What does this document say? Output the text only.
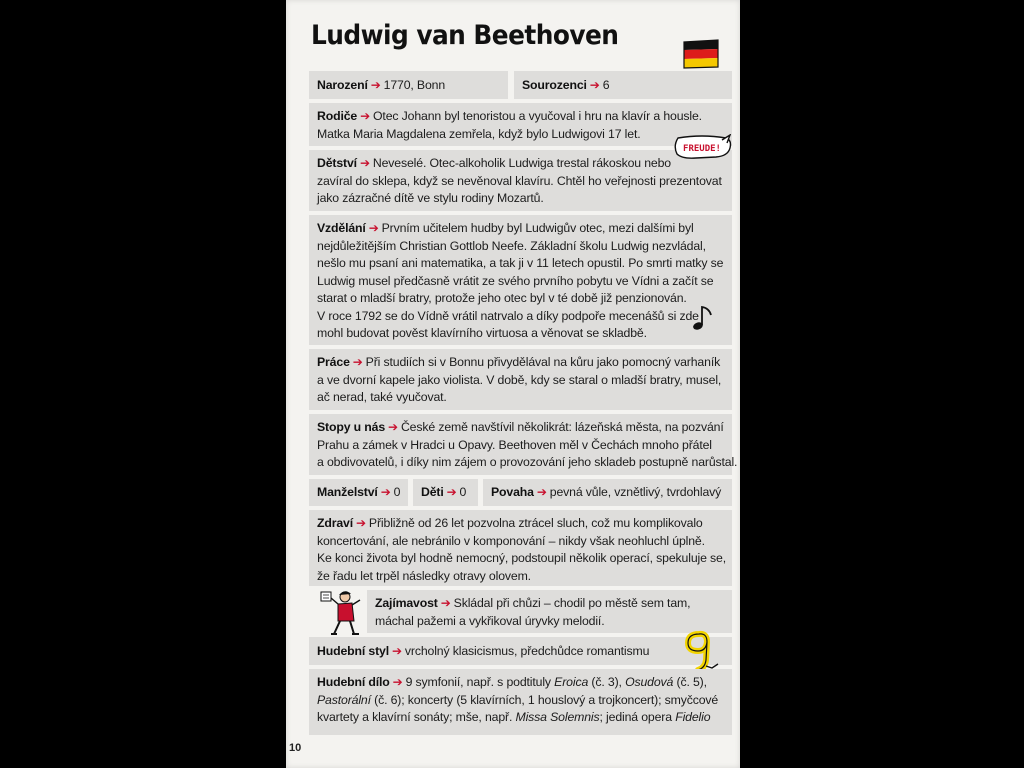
Ludwig van Beethoven
Narození ➔ 1770, Bonn	Sourozenci ➔ 6
Rodiče ➔ Otec Johann byl tenoristou a vyučoval i hru na klavír a housle.
Matka Maria Magdalena zemřela, když bylo Ludwigovi 17 let.
Dětství ➔ Neveselé. Otec-alkoholik Ludwiga trestal rákoskou nebo
zavíral do sklepa, když se nevěnoval klavíru. Chtěl ho veřejnosti prezentovat
jako zázračné dítě ve stylu rodiny Mozartů.
FREUDE!
Vzdělání ➔ Prvním učitelem hudby byl Ludwigův otec, mezi dalšími byl
nejdůležitějším Christian Gottlob Neefe. Základní školu Ludwig nezvládal,
nešlo mu psaní ani matematika, a tak ji v 11 letech opustil. Po smrti matky se
Ludwig musel předčasně vrátit ze svého prvního pobytu ve Vídni a začít se
starat o mladší bratry, protože jeho otec byl v té době již penzionován.
V roce 1792 se do Vídně vrátil natrvalo a díky podpoře mecenášů si zde
mohl budovat pověst klavírního virtuosa a věnovat se skladbě.
Práce ➔ Při studiích si v Bonnu přivydělával na kůru jako pomocný varhaník
a ve dvorní kapele jako violista. V době, kdy se staral o mladší bratry, musel,
ač nerad, také vyučovat.
Stopy u nás ➔ České země navštívil několikrát: lázeňská města, na pozvání
Prahu a zámek v Hradci u Opavy. Beethoven měl v Čechách mnoho přátel
a obdivovatelů, i díky nim zájem o provozování jeho skladeb postupně narůstal.
Manželství ➔ 0	Děti ➔ 0	Povaha ➔ pevná vůle, vznětlivý, tvrdohlavý
Zdraví ➔ Přibližně od 26 let pozvolna ztrácel sluch, což mu komplikovalo
koncertování, ale nebránilo v komponování – nikdy však neohluchl úplně.
Ke konci života byl hodně nemocný, podstoupil několik operací, spekuluje se,
že řadu let trpěl následky otravy olovem.
Zajímavost ➔ Skládal při chůzi – chodil po městě sem tam,
máchal pažemi a vykřikoval úryvky melodií.
Hudební styl ➔ vrcholný klasicismus, předchůdce romantismu
Hudební dílo ➔ 9 symfonií, např. s podtituly Eroica (č. 3), Osudová (č. 5),
Pastorální (č. 6); koncerty (5 klavírních, 1 houslový a trojkoncert); smyčcové
kvartety a klavírní sonáty; mše, např. Missa Solemnis; jediná opera Fidelio
10
